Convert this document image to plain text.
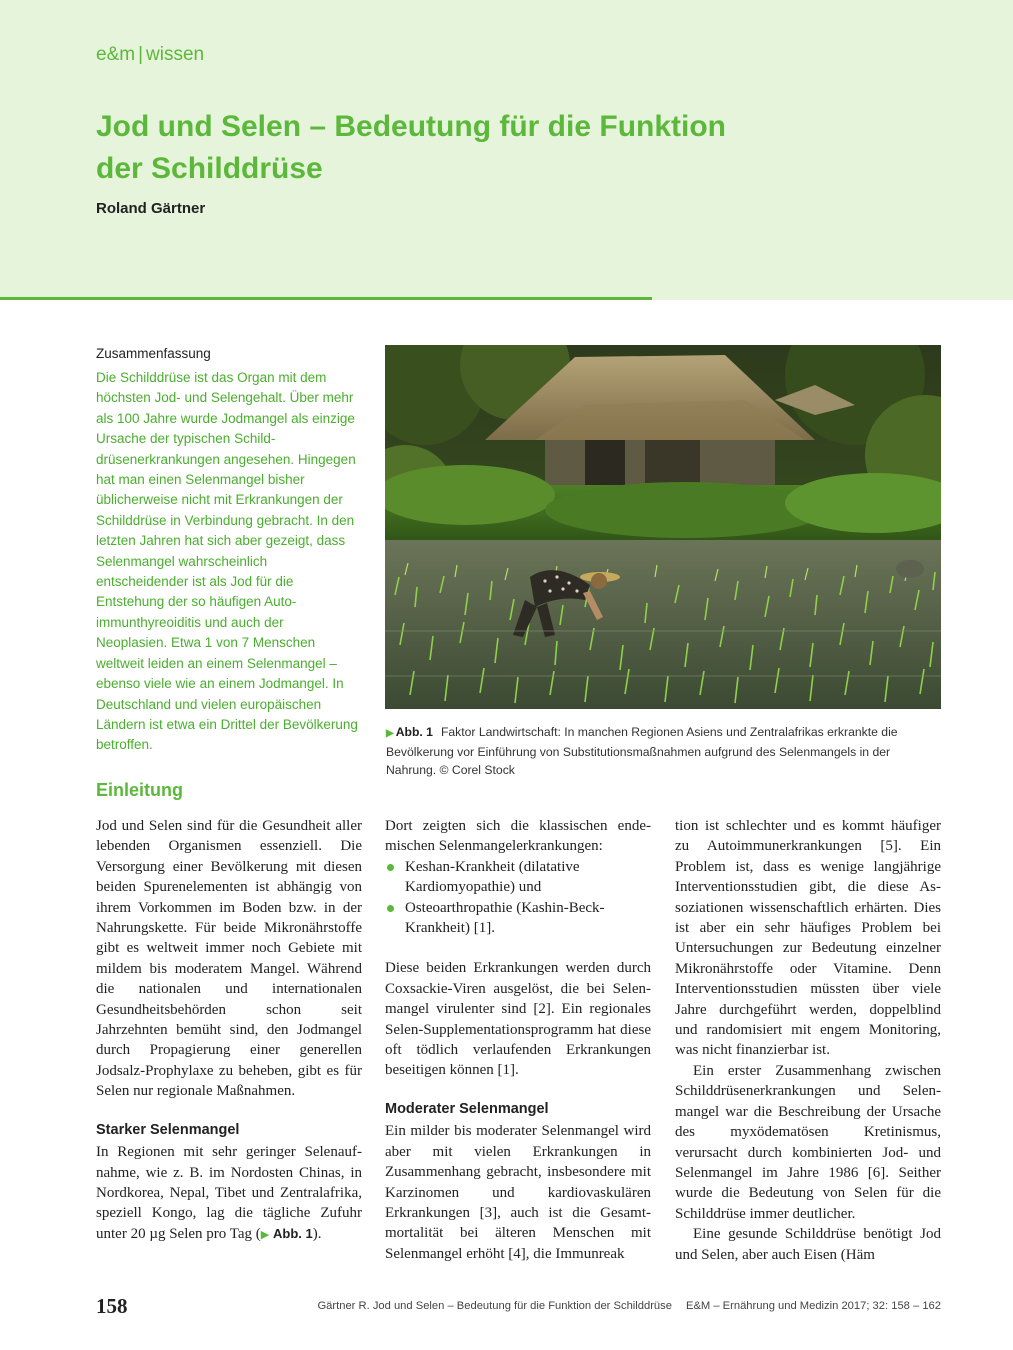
e&m | wissen
Jod und Selen – Bedeutung für die Funktion
der Schilddrüse
Roland Gärtner
Zusammenfassung
Die Schilddrüse ist das Organ mit dem höchsten Jod- und Selengehalt. Über mehr als 100 Jahre wurde Jodmangel als einzige Ursache der typischen Schilddrüsenerkrankungen angesehen. Hingegen hat man einen Selenmangel bisher üblicherweise nicht mit Erkrankungen der Schilddrüse in Verbindung gebracht. In den letzten Jahren hat sich aber gezeigt, dass Selenmangel wahrscheinlich entscheidender ist als Jod für die Entstehung der so häufigen Autoimmunthyreoiditis und auch der Neoplasien. Etwa 1 von 7 Menschen weltweit leiden an einem Selenmangel – ebenso viele wie an einem Jodmangel. In Deutschland und vielen europäischen Ländern ist etwa ein Drittel der Bevölkerung betroffen.
▶ Abb. 1 Faktor Landwirtschaft: In manchen Regionen Asiens und Zentralafrikas erkrankte die Bevölkerung vor Einführung von Substitutionsmaßnahmen aufgrund des Selenmangels in der Nahrung. © Corel Stock
Einleitung

Jod und Selen sind für die Gesundheit aller lebenden Organismen essenziell. Die Versorgung einer Bevölkerung mit diesen beiden Spurenelementen ist abhängig von ihrem Vorkommen im Boden bzw. in der Nahrungskette. Für beide Mikronährstoffe gibt es weltweit immer noch Gebiete mit mildem bis moderatem Mangel. Während die nationalen und internationalen Gesundheitsbehörden schon seit Jahrzehnten bemüht sind, den Jodmangel durch Propagierung einer generellen Jodsalz-Prophylaxe zu beheben, gibt es für Selen nur regionale Maßnahmen.

Starker Selenmangel

In Regionen mit sehr geringer Selenaufnahme, wie z. B. im Nordosten Chinas, in Nordkorea, Nepal, Tibet und Zentralafrika, speziell Kongo, lag die tägliche Zufuhr unter 20 µg Selen pro Tag (▶ Abb. 1).

Dort zeigten sich die klassischen endemischen Selenmangelerkrankungen:

Keshan-Krankheit (dilatative Kardiomyopathie) und
Osteoarthropathie (Kashin-Beck-Krankheit) [1].

Diese beiden Erkrankungen werden durch Coxsackie-Viren ausgelöst, die bei Selenmangel virulenter sind [2]. Ein regionales Selen-Supplementationsprogramm hat diese oft tödlich verlaufenden Erkrankungen beseitigen können [1].

Moderater Selenmangel

Ein milder bis moderater Selenmangel wird aber mit vielen Erkrankungen in Zusammenhang gebracht, insbesondere mit Karzinomen und kardiovaskulären Erkrankungen [3], auch ist die Gesamtmortalität bei älteren Menschen mit Selenmangel erhöht [4], die Immunreak

tion ist schlechter und es kommt häufiger zu Autoimmunerkrankungen [5]. Ein Problem ist, dass es wenige langjährige Interventionsstudien gibt, die diese Assoziationen wissenschaftlich erhärten. Dies ist aber ein sehr häufiges Problem bei Untersuchungen zur Bedeutung einzelner Mikronährstoffe oder Vitamine. Denn Interventionsstudien müssten über viele Jahre durchgeführt werden, doppelblind und randomisiert mit engem Monitoring, was nicht finanzierbar ist.

Ein erster Zusammenhang zwischen Schilddrüsenerkrankungen und Selenmangel war die Beschreibung der Ursache des myxödematösen Kretinismus, verursacht durch kombinierten Jod- und Selenmangel im Jahre 1986 [6]. Seither wurde die Bedeutung von Selen für die Schilddrüse immer deutlicher.

Eine gesunde Schilddrüse benötigt Jod und Selen, aber auch Eisen (Häm

158	Gärtner R. Jod und Selen – Bedeutung für die Funktion der Schilddrüse E&M – Ernährung und Medizin 2017; 32: 158 – 162
